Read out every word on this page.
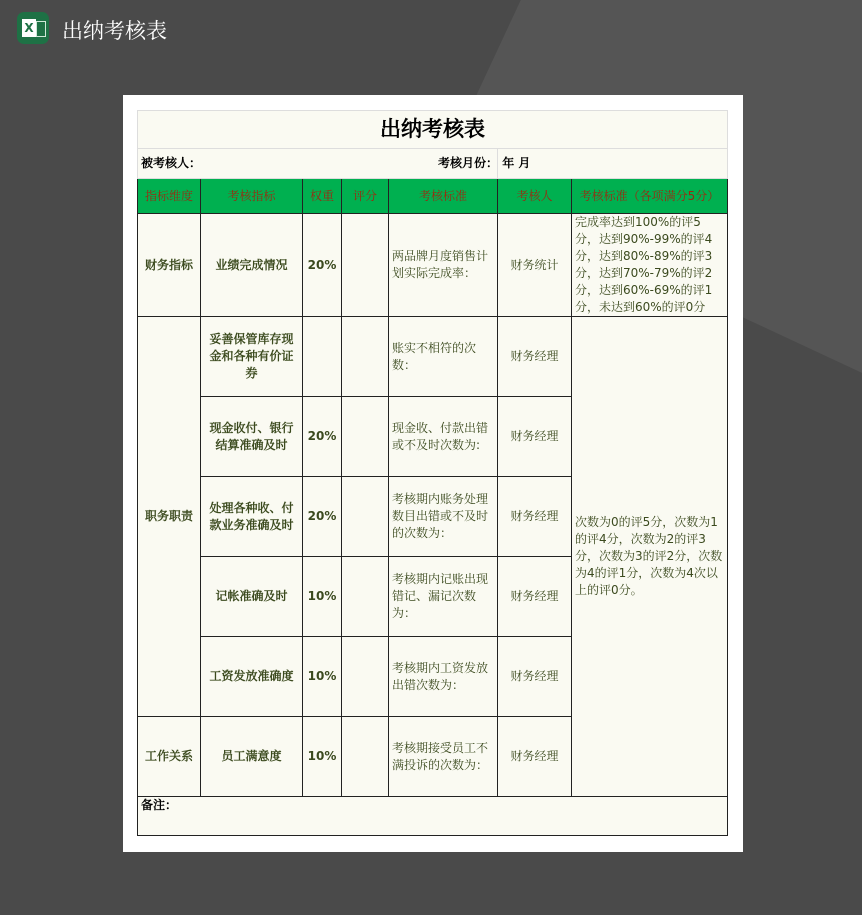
X 出纳考核表
出纳考核表						
被考核人：					考核月份： 年 月	
指标维度	考核指标	权重	评分	考核标准	考核人	考核标准（各项满分5分）
财务指标	业绩完成情况	20%		两品牌月度销售计划实际完成率：	财务统计	完成率达到100%的评5分，达到90%-99%的评4分，达到80%-89%的评3分，达到70%-79%的评2分，达到60%-69%的评1分，未达到60%的评0分
职务职责	妥善保管库存现金和各种有价证券			账实不相符的次数：	财务经理	次数为0的评5分，次数为1的评4分，次数为2的评3分，次数为3的评2分，次数为4的评1分，次数为4次以上的评0分。
	现金收付、银行结算准确及时	20%		现金收、付款出错或不及时次数为:	财务经理	
	处理各种收、付款业务准确及时	20%		考核期内账务处理数目出错或不及时的次数为：	财务经理	
	记帐准确及时	10%		考核期内记账出现错记、漏记次数为：	财务经理	
	工资发放准确度	10%		考核期内工资发放出错次数为：	财务经理	
工作关系	员工满意度	10%		考核期接受员工不满投诉的次数为：	财务经理	
备注：						
